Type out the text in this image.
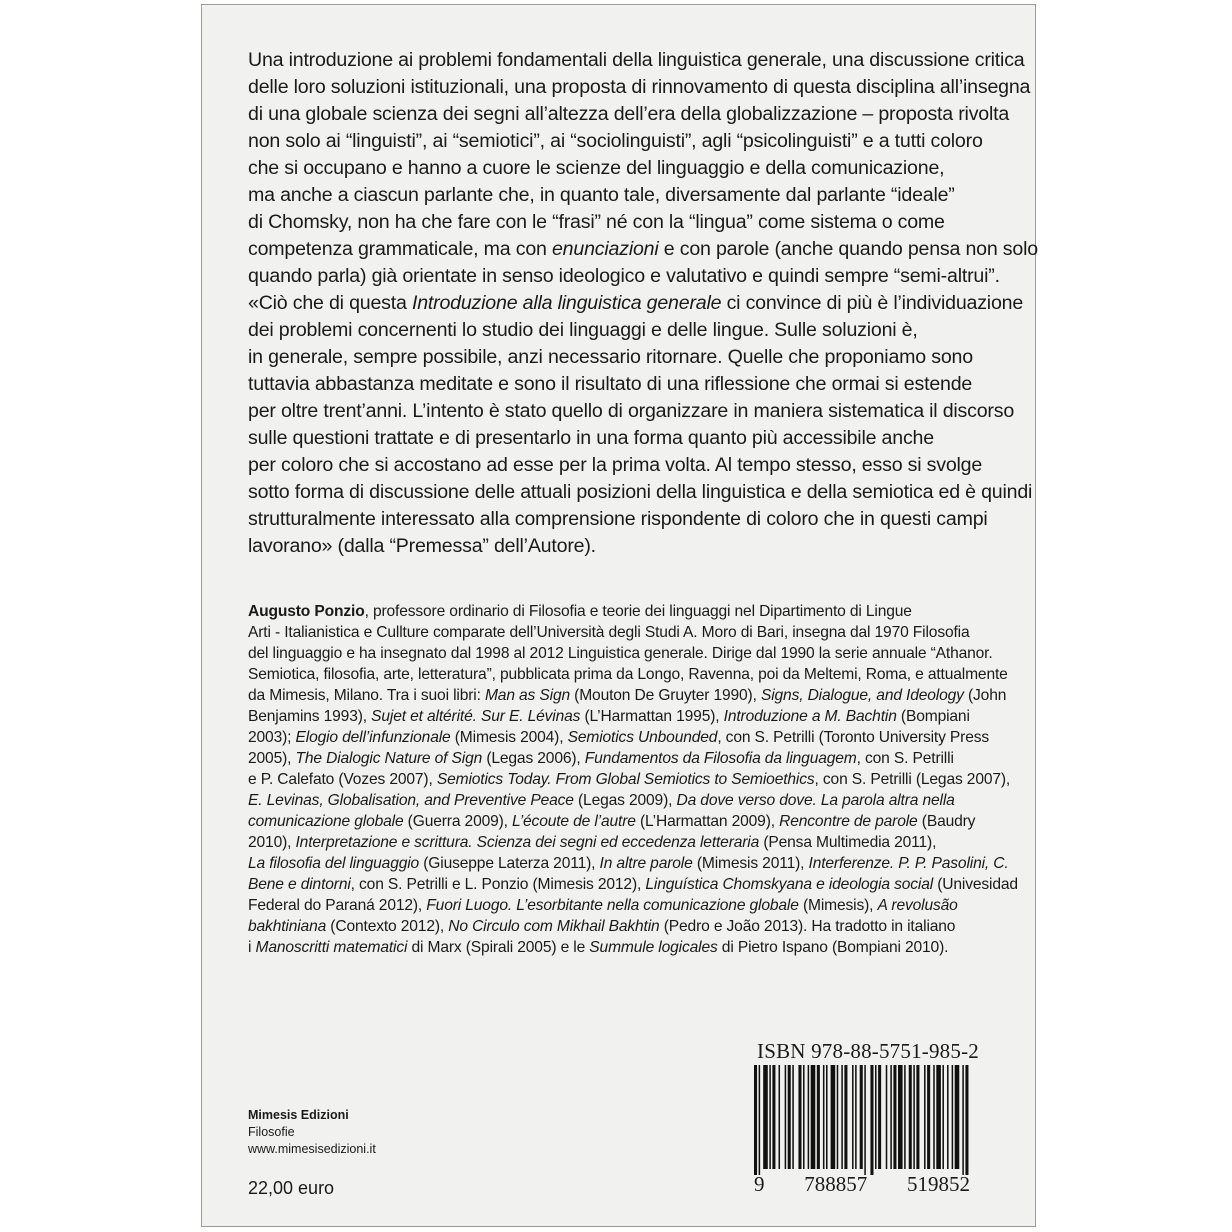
Una introduzione ai problemi fondamentali della linguistica generale, una discussione critica
delle loro soluzioni istituzionali, una proposta di rinnovamento di questa disciplina all’insegna
di una globale scienza dei segni all’altezza dell’era della globalizzazione – proposta rivolta
non solo ai “linguisti”, ai “semiotici”, ai “sociolinguisti”, agli “psicolinguisti” e a tutti coloro
che si occupano e hanno a cuore le scienze del linguaggio e della comunicazione,
ma anche a ciascun parlante che, in quanto tale, diversamente dal parlante “ideale”
di Chomsky, non ha che fare con le “frasi” né con la “lingua” come sistema o come
competenza grammaticale, ma con enunciazioni e con parole (anche quando pensa non solo
quando parla) già orientate in senso ideologico e valutativo e quindi sempre “semi-altrui”.
«Ciò che di questa Introduzione alla linguistica generale ci convince di più è l’individuazione
dei problemi concernenti lo studio dei linguaggi e delle lingue. Sulle soluzioni è,
in generale, sempre possibile, anzi necessario ritornare. Quelle che proponiamo sono
tuttavia abbastanza meditate e sono il risultato di una riflessione che ormai si estende
per oltre trent’anni. L’intento è stato quello di organizzare in maniera sistematica il discorso
sulle questioni trattate e di presentarlo in una forma quanto più accessibile anche
per coloro che si accostano ad esse per la prima volta. Al tempo stesso, esso si svolge
sotto forma di discussione delle attuali posizioni della linguistica e della semiotica ed è quindi
strutturalmente interessato alla comprensione rispondente di coloro che in questi campi
lavorano» (dalla “Premessa” dell’Autore).
Augusto Ponzio, professore ordinario di Filosofia e teorie dei linguaggi nel Dipartimento di Lingue
Arti - Italianistica e Cullture comparate dell’Università degli Studi A. Moro di Bari, insegna dal 1970 Filosofia
del linguaggio e ha insegnato dal 1998 al 2012 Linguistica generale. Dirige dal 1990 la serie annuale “Athanor.
Semiotica, filosofia, arte, letteratura”, pubblicata prima da Longo, Ravenna, poi da Meltemi, Roma, e attualmente
da Mimesis, Milano. Tra i suoi libri: Man as Sign (Mouton De Gruyter 1990), Signs, Dialogue, and Ideology (John
Benjamins 1993), Sujet et altérité. Sur E. Lévinas (L’Harmattan 1995), Introduzione a M. Bachtin (Bompiani
2003); Elogio dell’infunzionale (Mimesis 2004), Semiotics Unbounded, con S. Petrilli (Toronto University Press
2005), The Dialogic Nature of Sign (Legas 2006), Fundamentos da Filosofia da linguagem, con S. Petrilli
e P. Calefato (Vozes 2007), Semiotics Today. From Global Semiotics to Semioethics, con S. Petrilli (Legas 2007),
E. Levinas, Globalisation, and Preventive Peace (Legas 2009), Da dove verso dove. La parola altra nella
comunicazione globale (Guerra 2009), L’écoute de l’autre (L’Harmattan 2009), Rencontre de parole (Baudry
2010), Interpretazione e scrittura. Scienza dei segni ed eccedenza letteraria (Pensa Multimedia 2011),
La filosofia del linguaggio (Giuseppe Laterza 2011), In altre parole (Mimesis 2011), Interferenze. P. P. Pasolini, C.
Bene e dintorni, con S. Petrilli e L. Ponzio (Mimesis 2012), Linguística Chomskyana e ideologia social (Univesidad
Federal do Paraná 2012), Fuori Luogo. L’esorbitante nella comunicazione globale (Mimesis), A revolusão
bakhtiniana (Contexto 2012), No Circulo com Mikhail Bakhtin (Pedro e João 2013). Ha tradotto in italiano
i Manoscritti matematici di Marx (Spirali 2005) e le Summule logicales di Pietro Ispano (Bompiani 2010).
Mimesis Edizioni
Filosofie
www.mimesisedizioni.it
22,00 euro
ISBN 978-88-5751-985-2
9 788857 519852
